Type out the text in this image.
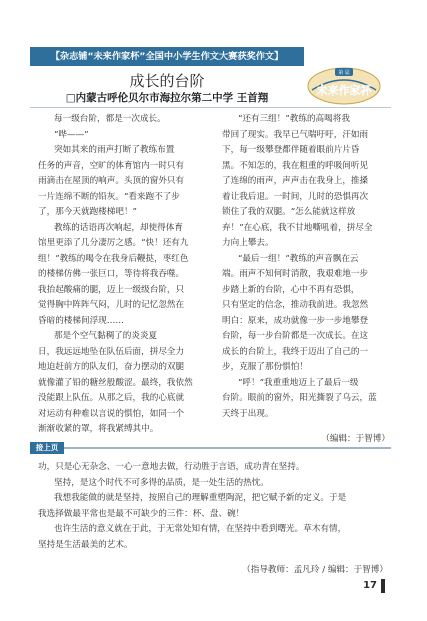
【杂志铺“未来作家杯”全国中小学生作文大赛获奖作文】
成长的台阶
□内蒙古呼伦贝尔市海拉尔第二中学 王首翔
第 届
未来作家杯

每一级台阶，都是一次成长。

“哗——”

突如其来的雨声打断了教练布置

任务的声音，空旷的体育馆内一时只有

雨滴击在屋顶的响声。头顶的窗外只有

一片连绵不断的铅灰。“看来跑不了步

了，那今天就跑楼梯吧！”

教练的话语再次响起，却使得体育

馆里更添了几分凄厉之感。“快！还有九

组！”教练的喝令在我身后鞭挞，枣红色

的楼梯仿佛一张巨口，等待将我吞噬。

我抬起酸痛的腿，迈上一级级台阶，只

觉得胸中阵阵气闷，儿时的记忆忽然在

昏暗的楼梯间浮现……

那是个空气黏稠了的炎炎夏

日，我远远地坠在队伍后面，拼尽全力

地迫赶前方的队友们，奋力摆动的双腿

就像灌了铅的糖丝般酸涩。最终，我依然

没能跟上队伍。从那之后，我的心底就

对运动有种难以言说的惧怕，如同一个

渐渐收紧的罩，将我紧缚其中。

“还有三组！”教练的高喝将我

带回了现实。我早已气喘吁吁，汗如雨

下，每一级攀登都伴随着眼前片片昏

黑。不知怎的，我在粗重的呼吸间听见

了连绵的雨声，声声击在我身上，推搡

着让我后退。一时间，儿时的恐惧再次

锁住了我的双腿。“怎么能就这样放

弃！”在心底，我不甘地嘶吼着，拼尽全

力向上攀去。

“最后一组！”教练的声音飘在云

端。雨声不知何时消散，我艰难地一步

步踏上新的台阶，心中不再有恐惧，

只有坚定的信念，推动我前进。我忽然

明白：原来，成功就像一步一步地攀登

台阶，每一步台阶都是一次成长。在这

成长的台阶上，我终于迈出了自己的一

步，克服了那份惧怕！

“呼！”我重重地迈上了最后一级

台阶。眼前的窗外，阳光撕裂了乌云，蓝

天终于出现。

（编辑：于智博）

接上页

功，只是心无杂念、一心一意地去做，行动胜于言语，成功青在坚持。

坚持，是这个时代不可多得的品质，是一处生活的热忱。

我想我能做的就是坚持，按照自己的理解重塑陶泥，把它赋予新的定义。于是

我选择做最平常也是最不可缺少的三件：杯、盘、碗！

也许生活的意义就在于此，于无常处知有情，在坚持中看到曙光。草木有情，

坚持是生活最美的艺术。

（指导教师：孟凡玲 / 编辑：于智博）

17
